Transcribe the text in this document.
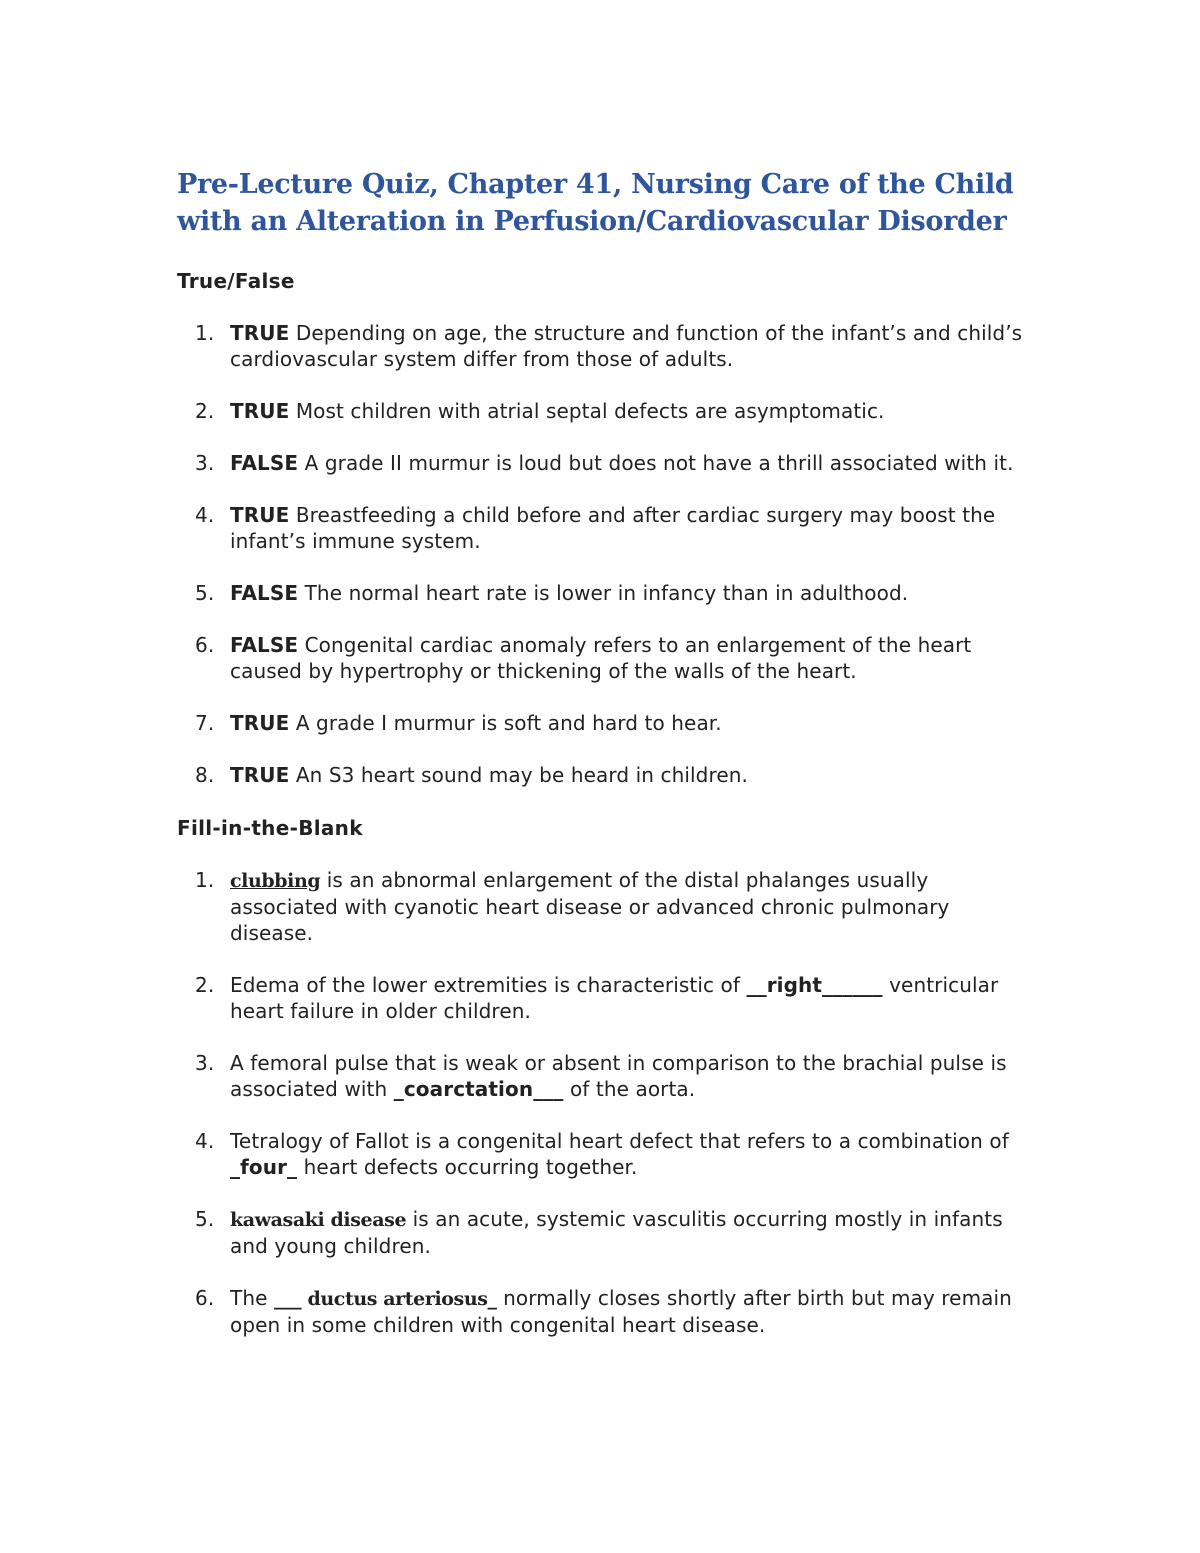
Pre-Lecture Quiz, Chapter 41, Nursing Care of the Child
with an Alteration in Perfusion/Cardiovascular Disorder
True/False
1. TRUE Depending on age, the structure and function of the infant’s and child’s cardiovascular system differ from those of adults.
2. TRUE Most children with atrial septal defects are asymptomatic.
3. FALSE A grade II murmur is loud but does not have a thrill associated with it.
4. TRUE Breastfeeding a child before and after cardiac surgery may boost the infant’s immune system.
5. FALSE The normal heart rate is lower in infancy than in adulthood.
6. FALSE Congenital cardiac anomaly refers to an enlargement of the heart caused by hypertrophy or thickening of the walls of the heart.
7. TRUE A grade I murmur is soft and hard to hear.
8. TRUE An S3 heart sound may be heard in children.
Fill-in-the-Blank
1. clubbing is an abnormal enlargement of the distal phalanges usually associated with cyanotic heart disease or advanced chronic pulmonary disease.
2. Edema of the lower extremities is characteristic of __right______ ventricular heart failure in older children.
3. A femoral pulse that is weak or absent in comparison to the brachial pulse is associated with _coarctation___ of the aorta.
4. Tetralogy of Fallot is a congenital heart defect that refers to a combination of _four_ heart defects occurring together.
5. kawasaki disease is an acute, systemic vasculitis occurring mostly in infants and young children.
6. The ___ ductus arteriosus_ normally closes shortly after birth but may remain open in some children with congenital heart disease.
